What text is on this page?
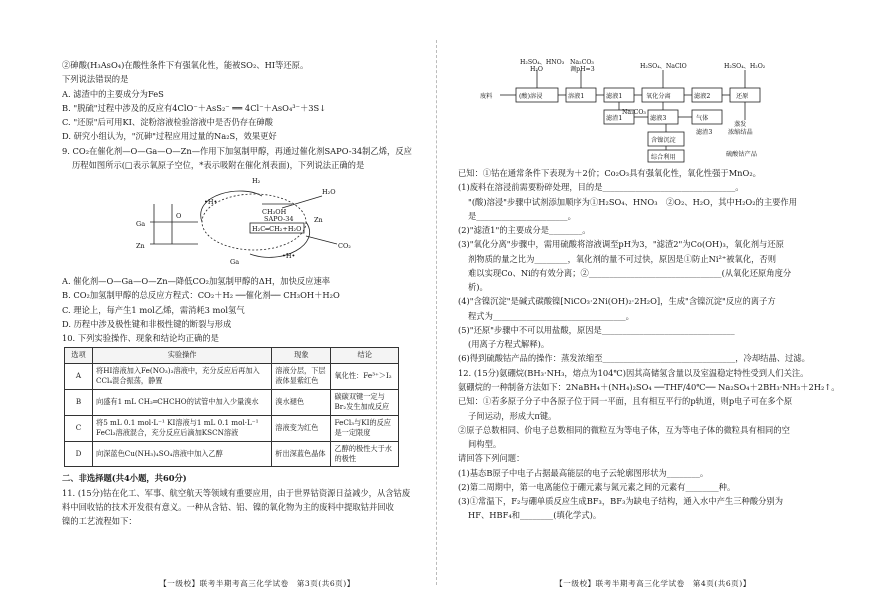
②砷酸(H₃AsO₄)在酸性条件下有强氧化性，能被SO₂、HI等还原。
下列说法错误的是
A. 滤渣中的主要成分为FeS
B. "脱硫"过程中涉及的反应有4ClO⁻＋AsS₂⁻ ══ 4Cl⁻＋AsO₄³⁻＋3S↓
C. "还原"后可用KI、淀粉溶液检验溶液中是否仍存在砷酸
D. 研究小组认为，"沉砷"过程应用过量的Na₂S，效果更好
9. CO₂在催化剂—O—Ga—O—Zn—作用下加氢制甲醇，再通过催化剂SAPO-34制乙烯，反应
历程如图所示(□表示氧原子空位，*表示吸附在催化剂表面)，下列说法正确的是
H₂
H₂O
CO₂
CH₃OH
SAPO-34
H₂C═CH₂+H₂O
•H•
•H•
Ga
Zn
O	Zn
Ga
A. 催化剂—O—Ga—O—Zn—降低CO₂加氢制甲醇的ΔH，加快反应速率
B. CO₂加氢制甲醇的总反应方程式：CO₂＋H₂ ──催化剂── CH₃OH＋H₂O
C. 理论上，每产生1 mol乙烯，需消耗3 mol氢气
D. 历程中涉及极性键和非极性键的断裂与形成
10. 下列实验操作、现象和结论均正确的是
选项	实验操作	现象	结论
A	将HI溶液加入Fe(NO₃)₃溶液中，充分反应后再加入CCl₄混合振荡，静置	溶液分层，下层液体显紫红色	氧化性：Fe³⁺＞I₂
B	向盛有1 mL CH₂═CHCHO的试管中加入少量溴水	溴水褪色	碳碳双键一定与Br₂发生加成反应
C	将5 mL 0.1 mol·L⁻¹ KI溶液与1 mL 0.1 mol·L⁻¹ FeCl₃溶液混合，充分反应后滴加KSCN溶液	溶液变为红色	FeCl₃与KI的反应是一定限度
D	向深蓝色Cu(NH₃)₄SO₄溶液中加入乙醇	析出深蓝色晶体	乙醇的极性大于水的极性
二、非选择题(共4小题，共60分)
11. (15分)钴在化工、军事、航空航天等领域有重要应用，由于世界钴资源日益减少，从含钴废
料中回收钴的技术开发很有意义。一种从含钴、铝、镍的氧化物为主的废料中提取钴并回收
镍的工艺流程如下：
【一级校】联考半期考高三化学试卷　第3页(共6页)】
H₂SO₄、HNO₃
H₂O
Na₂CO₃
调pH=3	H₂SO₄、NaClO	H₂SO₄、H₂O₂
废料	(酸)溶浸	溶液1	滤液1	氧化分离	滤液2	还原
滤渣1
Na₂CO₃
滤液3	气体
蒸发
浓缩结晶
硫酸钴产品
含镍沉淀
综合利用
滤渣3
已知：①钴在通常条件下表现为＋2价；Co₂O₃具有强氧化性，氧化性强于MnO₂。
(1)废料在溶浸前需要粉碎处理，目的是________________________________。
"(酸)溶浸"步骤中试剂添加顺序为①H₂SO₄、HNO₃　②O₂、H₂O，其中H₂O₂的主要作用
是______________________。
(2)"滤渣1"的主要成分是________。
(3)"氧化分离"步骤中，需用硫酸将溶液调至pH为3，"滤渣2"为Co(OH)₃，氧化剂与还原
剂物质的量之比为________，氧化剂的量不可过快，原因是①防止Ni²⁺被氧化，否则
难以实现Co、Ni的有效分离；②________________________________(从氧化还原角度分
析)。
(4)"含镍沉淀"是碱式碳酸镍[NiCO₃·2Ni(OH)₂·2H₂O]，生成"含镍沉淀"反应的离子方
程式为________________________________。
(5)"还原"步骤中不可以用盐酸，原因是________________________________
(用离子方程式解释)。
(6)得到硫酸钴产品的操作：蒸发浓缩至________________________________，冷却结晶、过滤。
12. (15分)氨硼烷(BH₃·NH₃，熔点为104℃)因其高储氢含量以及室温稳定特性受到人们关注。
氨硼烷的一种制备方法如下：2NaBH₄＋(NH₄)₂SO₄ ──THF/40℃── Na₂SO₄＋2BH₃·NH₃＋2H₂↑。
已知：①若多原子分子中各原子位于同一平面，且有相互平行的p轨道，则p电子可在多个原
子间运动，形成大π键。
②原子总数相同、价电子总数相同的微粒互为等电子体，互为等电子体的微粒具有相同的空
间构型。
请回答下列问题：
(1)基态B原子中电子占据最高能层的电子云轮廓图形状为________。
(2)第二周期中，第一电离能位于硼元素与氮元素之间的元素有________种。
(3)①常温下，F₂与硼单质反应生成BF₃，BF₃为缺电子结构，通入水中产生三种酸分别为
HF、HBF₄和________(填化学式)。
【一级校】联考半期考高三化学试卷　第4页(共6页)】
